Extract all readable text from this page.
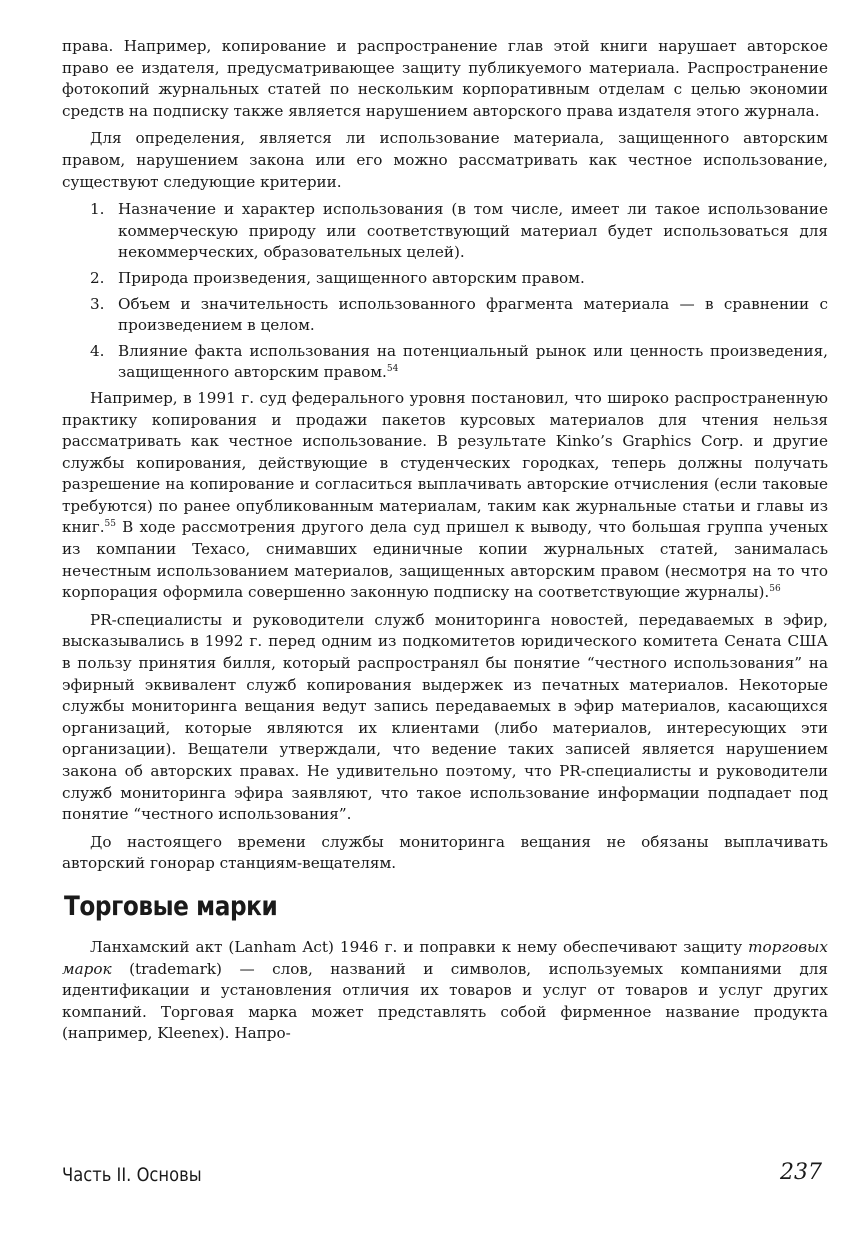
права. Например, копирование и распространение глав этой книги нарушает авторское право ее издателя, предусматривающее защиту публикуемого материала. Распространение фотокопий журнальных статей по нескольким корпоративным отделам с целью экономии средств на подписку также является нарушением авторского права издателя этого журнала.

Для определения, является ли использование материала, защищенного авторским правом, нарушением закона или его можно рассматривать как честное использование, существуют следующие критерии.

1. Назначение и характер использования (в том числе, имеет ли такое использование коммерческую природу или соответствующий материал будет использоваться для некоммерческих, образовательных целей).
2. Природа произведения, защищенного авторским правом.
3. Объем и значительность использованного фрагмента материала — в сравнении с произведением в целом.
4. Влияние факта использования на потенциальный рынок или ценность произведения, защищенного авторским правом.$^{54}$

Например, в 1991 г. суд федерального уровня постановил, что широко распространенную практику копирования и продажи пакетов курсовых материалов для чтения нельзя рассматривать как честное использование. В результате Kinko’s Graphics Corp. и другие службы копирования, действующие в студенческих городках, теперь должны получать разрешение на копирование и согласиться выплачивать авторские отчисления (если таковые требуются) по ранее опубликованным материалам, таким как журнальные статьи и главы из книг.$^{55}$ В ходе рассмотрения другого дела суд пришел к выводу, что большая группа ученых из компании Texaco, снимавших единичные копии журнальных статей, занималась нечестным использованием материалов, защищенных авторским правом (несмотря на то что корпорация оформила совершенно законную подписку на соответствующие журналы).$^{56}$

PR-специалисты и руководители служб мониторинга новостей, передаваемых в эфир, высказывались в 1992 г. перед одним из подкомитетов юридического комитета Сената США в пользу принятия билля, который распространял бы понятие “честного использования” на эфирный эквивалент служб копирования выдержек из печатных материалов. Некоторые службы мониторинга вещания ведут запись передаваемых в эфир материалов, касающихся организаций, которые являются их клиентами (либо материалов, интересующих эти организации). Вещатели утверждали, что ведение таких записей является нарушением закона об авторских правах. Не удивительно поэтому, что PR-специалисты и руководители служб мониторинга эфира заявляют, что такое использование информации подпадает под понятие “честного использования”.

До настоящего времени службы мониторинга вещания не обязаны выплачивать авторский гонорар станциям-вещателям.

Торговые марки

Ланхамский акт (Lanham Act) 1946 г. и поправки к нему обеспечивают защиту торговых марок (trademark) — слов, названий и символов, используемых компаниями для идентификации и установления отличия их товаров и услуг от товаров и услуг других компаний. Торговая марка может представлять собой фирменное название продукта (например, Kleenex). Напро-

Часть II. Основы	237
